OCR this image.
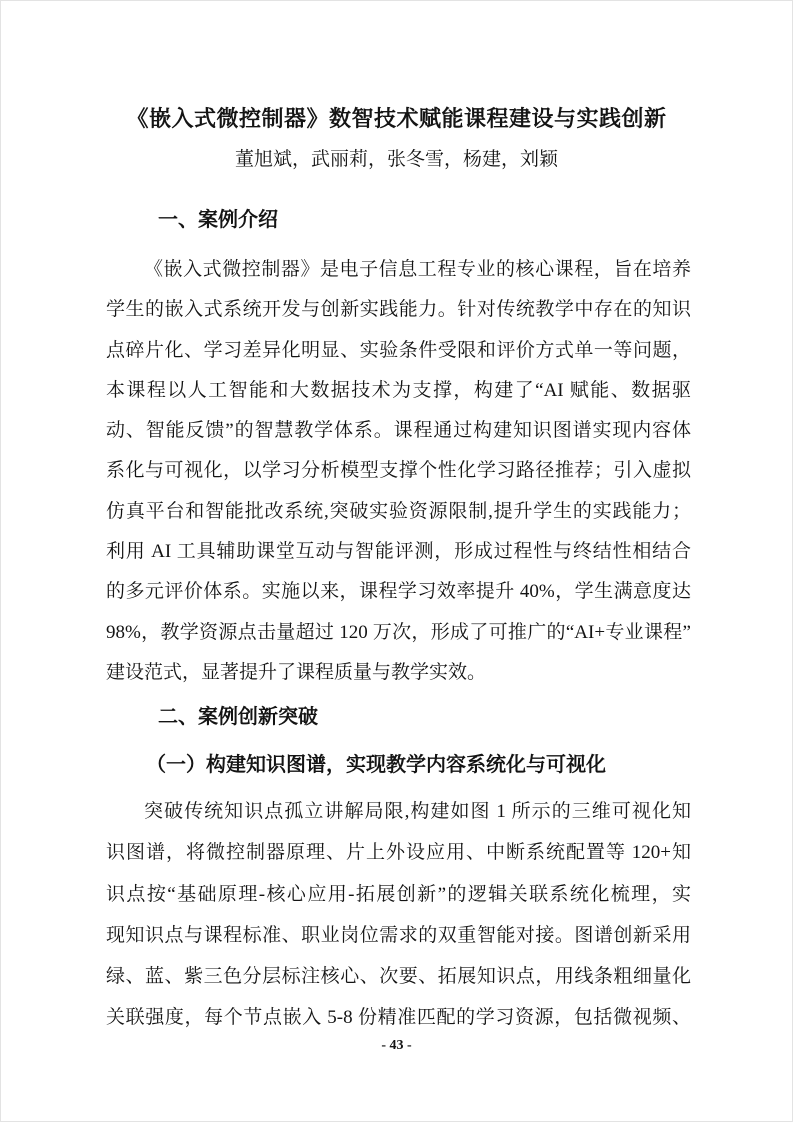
《嵌入式微控制器》数智技术赋能课程建设与实践创新
董旭斌，武丽莉，张冬雪，杨建，刘颖
一、案例介绍
《嵌入式微控制器》是电子信息工程专业的核心课程，旨在培养
学生的嵌入式系统开发与创新实践能力。针对传统教学中存在的知识
点碎片化、学习差异化明显、实验条件受限和评价方式单一等问题，
本课程以人工智能和大数据技术为支撑，构建了“AI 赋能、数据驱
动、智能反馈”的智慧教学体系。课程通过构建知识图谱实现内容体
系化与可视化，以学习分析模型支撑个性化学习路径推荐；引入虚拟
仿真平台和智能批改系统,突破实验资源限制,提升学生的实践能力；
利用 AI 工具辅助课堂互动与智能评测，形成过程性与终结性相结合
的多元评价体系。实施以来，课程学习效率提升 40%，学生满意度达
98%，教学资源点击量超过 120 万次，形成了可推广的“AI+专业课程”
建设范式，显著提升了课程质量与教学实效。
二、案例创新突破
（一）构建知识图谱，实现教学内容系统化与可视化
突破传统知识点孤立讲解局限,构建如图 1 所示的三维可视化知
识图谱，将微控制器原理、片上外设应用、中断系统配置等 120+知
识点按“基础原理-核心应用-拓展创新”的逻辑关联系统化梳理，实
现知识点与课程标准、职业岗位需求的双重智能对接。图谱创新采用
绿、蓝、紫三色分层标注核心、次要、拓展知识点，用线条粗细量化
关联强度，每个节点嵌入 5-8 份精准匹配的学习资源，包括微视频、
- 43 -
